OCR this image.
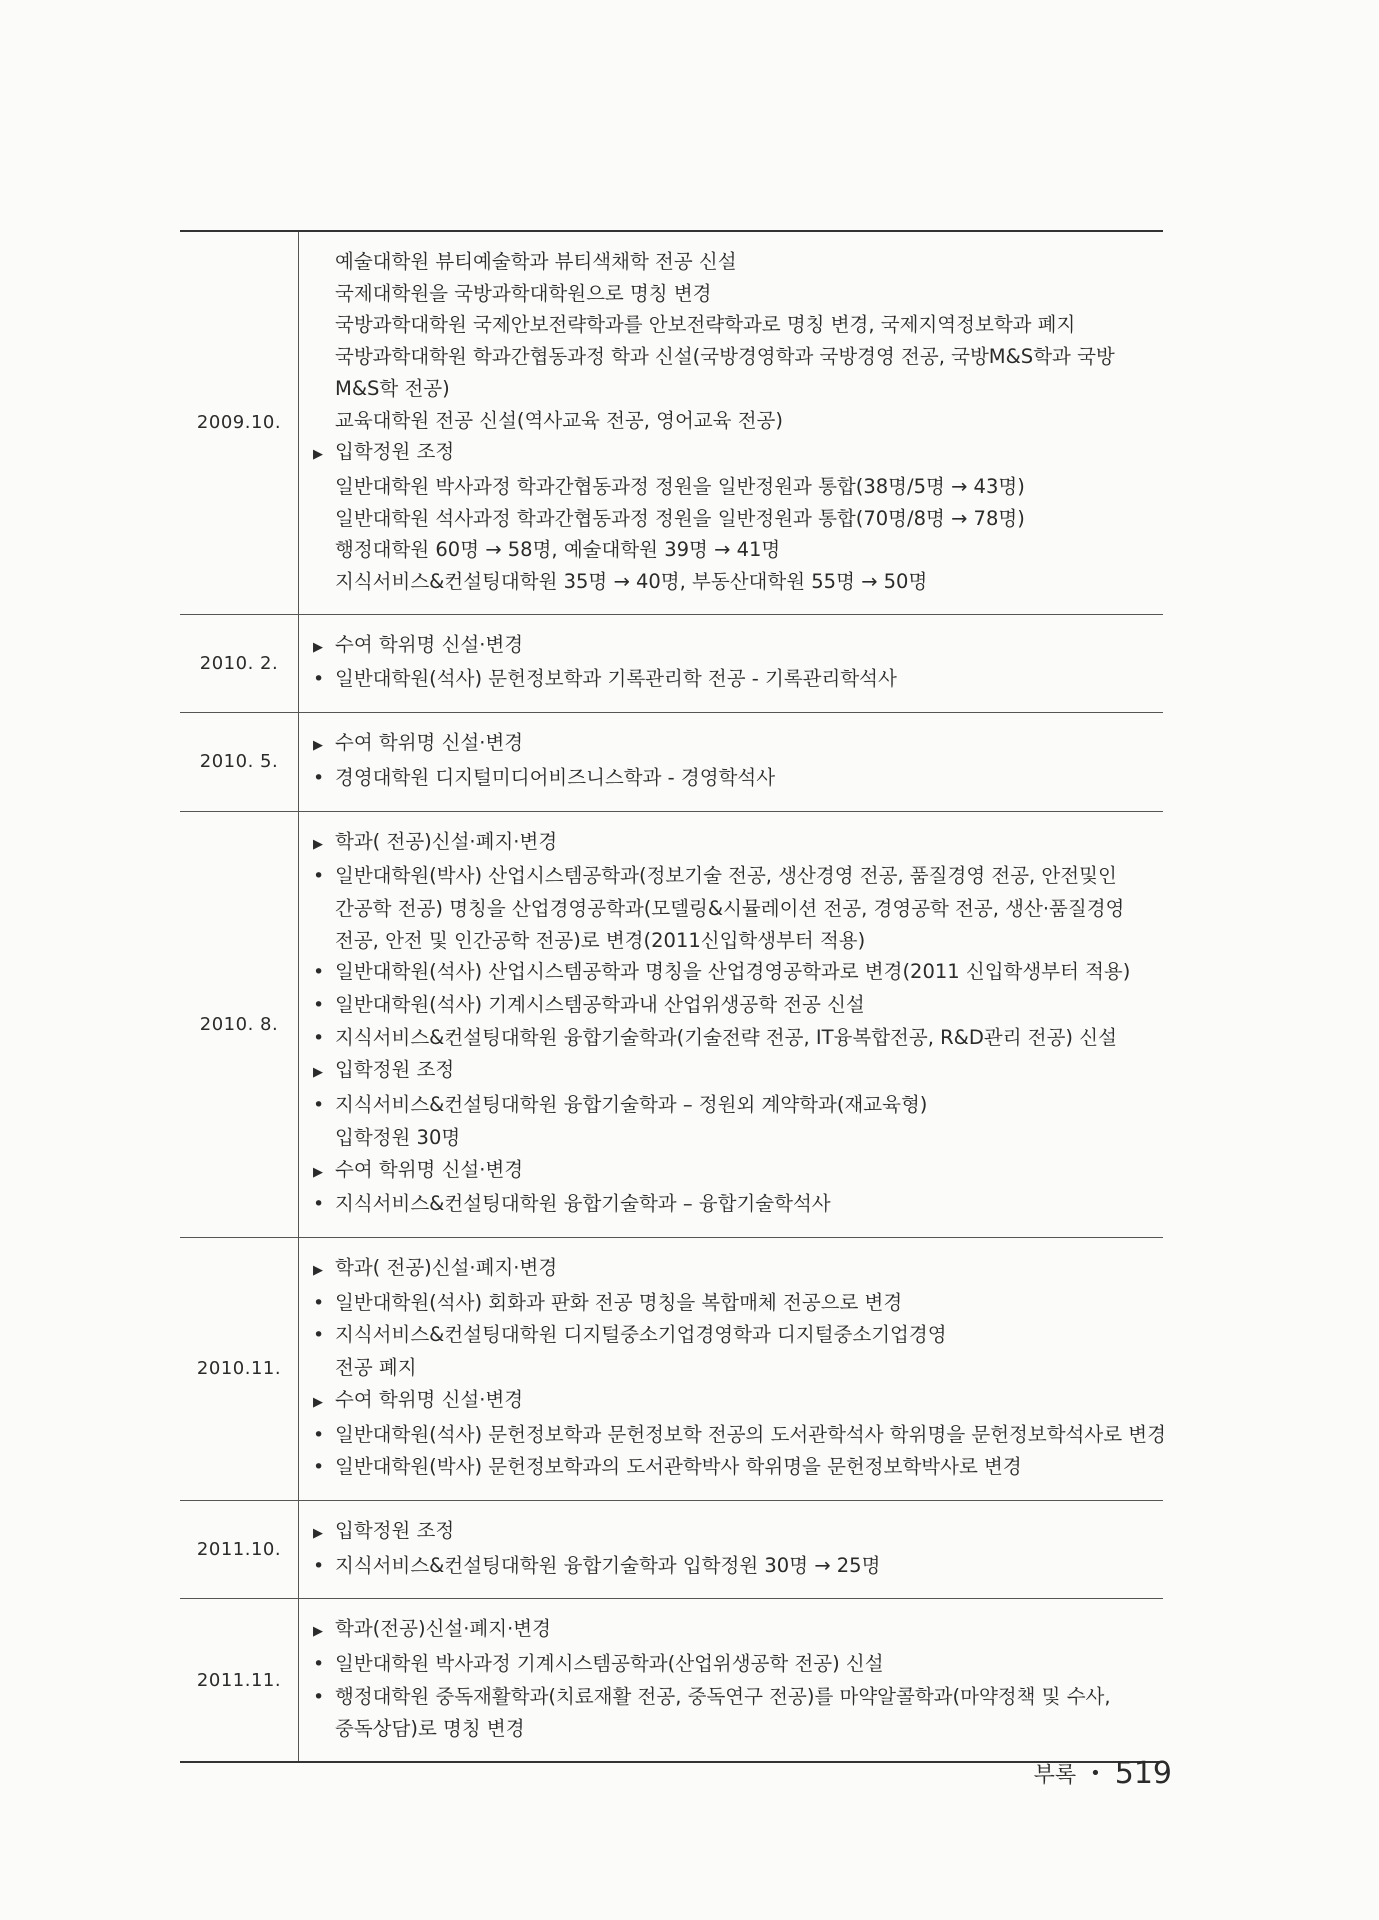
2009.10.
예술대학원 뷰티예술학과 뷰티색채학 전공 신설
국제대학원을 국방과학대학원으로 명칭 변경
국방과학대학원 국제안보전략학과를 안보전략학과로 명칭 변경, 국제지역정보학과 폐지
국방과학대학원 학과간협동과정 학과 신설(국방경영학과 국방경영 전공, 국방M&S학과 국방
M&S학 전공)
교육대학원 전공 신설(역사교육 전공, 영어교육 전공)
▶ 입학정원 조정
일반대학원 박사과정 학과간협동과정 정원을 일반정원과 통합(38명/5명 → 43명)
일반대학원 석사과정 학과간협동과정 정원을 일반정원과 통합(70명/8명 → 78명)
행정대학원 60명 → 58명, 예술대학원 39명 → 41명
지식서비스&컨설팅대학원 35명 → 40명, 부동산대학원 55명 → 50명
2010. 2.
▶ 수여 학위명 신설·변경
• 일반대학원(석사) 문헌정보학과 기록관리학 전공 - 기록관리학석사
2010. 5.
▶ 수여 학위명 신설·변경
• 경영대학원 디지털미디어비즈니스학과 - 경영학석사
2010. 8.
▶ 학과( 전공)신설·폐지·변경
• 일반대학원(박사) 산업시스템공학과(정보기술 전공, 생산경영 전공, 품질경영 전공, 안전및인
간공학 전공) 명칭을 산업경영공학과(모델링&시뮬레이션 전공, 경영공학 전공, 생산·품질경영
전공, 안전 및 인간공학 전공)로 변경(2011신입학생부터 적용)
• 일반대학원(석사) 산업시스템공학과 명칭을 산업경영공학과로 변경(2011 신입학생부터 적용)
• 일반대학원(석사) 기계시스템공학과내 산업위생공학 전공 신설
• 지식서비스&컨설팅대학원 융합기술학과(기술전략 전공, IT융복합전공, R&D관리 전공) 신설
▶ 입학정원 조정
• 지식서비스&컨설팅대학원 융합기술학과 – 정원외 계약학과(재교육형)
입학정원 30명
▶ 수여 학위명 신설·변경
• 지식서비스&컨설팅대학원 융합기술학과 – 융합기술학석사
2010.11.
▶ 학과( 전공)신설·폐지·변경
• 일반대학원(석사) 회화과 판화 전공 명칭을 복합매체 전공으로 변경
• 지식서비스&컨설팅대학원 디지털중소기업경영학과 디지털중소기업경영
전공 폐지
▶ 수여 학위명 신설·변경
• 일반대학원(석사) 문헌정보학과 문헌정보학 전공의 도서관학석사 학위명을 문헌정보학석사로 변경
• 일반대학원(박사) 문헌정보학과의 도서관학박사 학위명을 문헌정보학박사로 변경
2011.10.
▶ 입학정원 조정
• 지식서비스&컨설팅대학원 융합기술학과 입학정원 30명 → 25명
2011.11.
▶ 학과(전공)신설·폐지·변경
• 일반대학원 박사과정 기계시스템공학과(산업위생공학 전공) 신설
• 행정대학원 중독재활학과(치료재활 전공, 중독연구 전공)를 마약알콜학과(마약정책 및 수사,
중독상담)로 명칭 변경
부록 • 519
